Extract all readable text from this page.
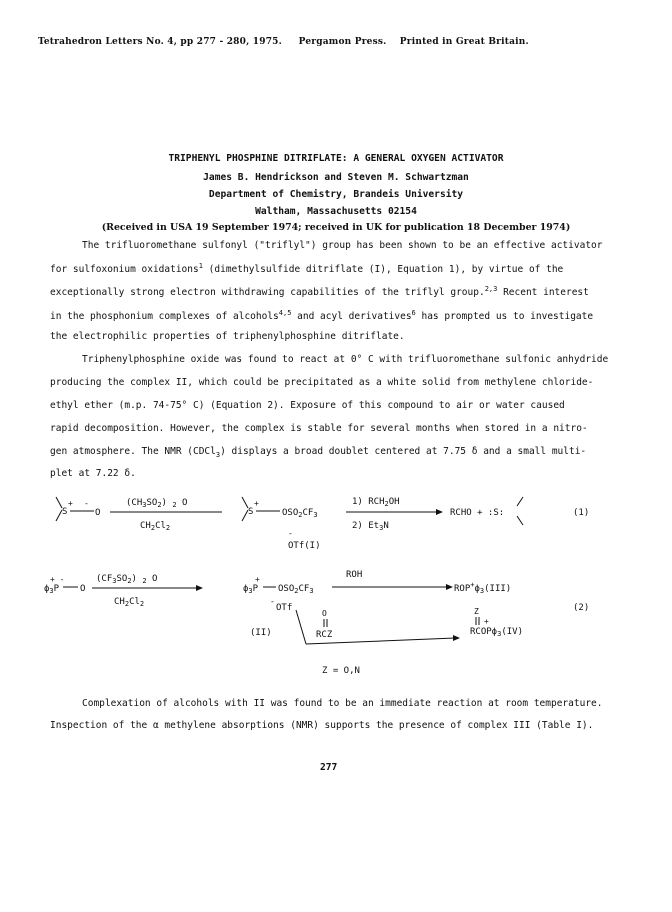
Tetrahedron Letters No. 4, pp 277 - 280, 1975. Pergamon Press. Printed in Great Britain.
TRIPHENYL PHOSPHINE DITRIFLATE: A GENERAL OXYGEN ACTIVATOR
James B. Hendrickson and Steven M. Schwartzman
Department of Chemistry, Brandeis University
Waltham, Massachusetts 02154
(Received in USA 19 September 1974; received in UK for publication 18 December 1974)
The trifluoromethane sulfonyl ("triflyl") group has been shown to be an effective activator
for sulfoxonium oxidations$^1$ (dimethylsulfide ditriflate (I), Equation 1), by virtue of the
exceptionally strong electron withdrawing capabilities of the triflyl group.$^{2,3}$ Recent interest
in the phosphonium complexes of alcohols$^{4,5}$ and acyl derivatives$^6$ has prompted us to investigate
the electrophilic properties of triphenylphosphine ditriflate.
Triphenylphosphine oxide was found to react at 0° C with trifluoromethane sulfonic anhydride
producing the complex II, which could be precipitated as a white solid from methylene chloride-
ethyl ether (m.p. 74-75° C) (Equation 2). Exposure of this compound to air or water caused
rapid decomposition. However, the complex is stable for several months when stored in a nitro-
gen atmosphere. The NMR (CDCl$_3$) displays a broad doublet centered at 7.75 δ and a small multi-
plet at 7.22 δ.
S
+ -
O
$(CH_3SO_2)$ $_2$ O
$CH_2Cl_2$
S
+
$OSO_2CF_3$
-
OTf(I)
1) $RCH_2OH$
2) $Et_3N$
RCHO + :S:	(1)
+ -
$\phi_3P$ O
$(CF_3SO_2)$ $_2$ O
$CH_2Cl_2$
+
$\phi_3P$ $OSO_2CF_3$
-
OTf
(II)
ROH
$ROP^+\phi_3(III)$
O
RCZ
Z
+
RCOPϕ$_3$(IV)
(2)
Z = O,N
Complexation of alcohols with II was found to be an immediate reaction at room temperature.
Inspection of the α methylene absorptions (NMR) supports the presence of complex III (Table I).
277
